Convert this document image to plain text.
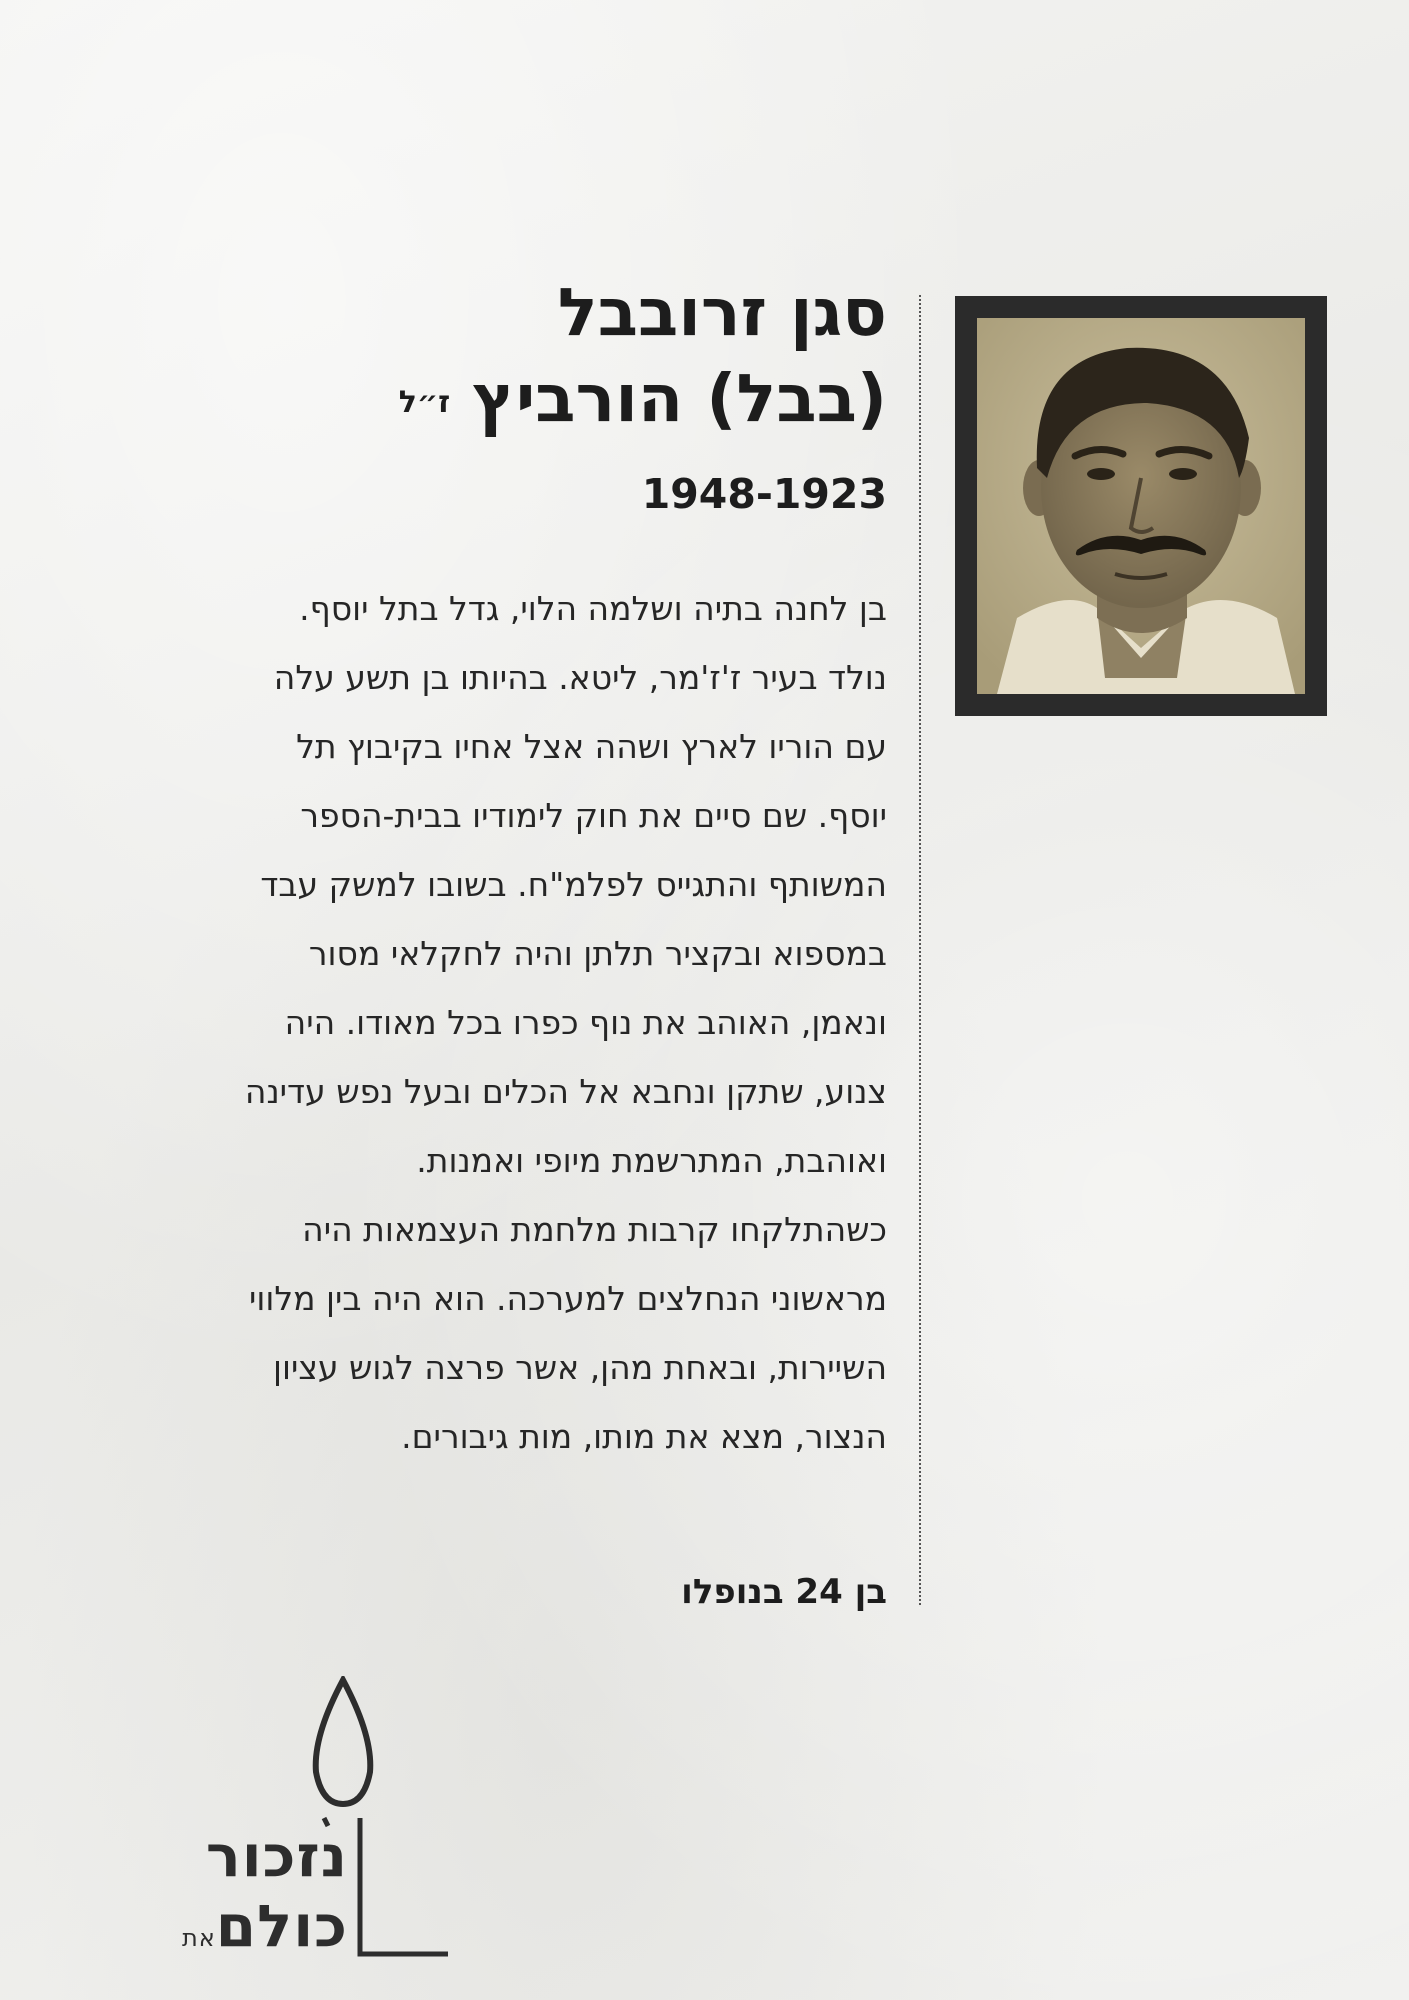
סגן זרובבל
(בבל) הורביץז״ל
1948-1923
בן לחנה בתיה ושלמה הלוי, גדל בתל יוסף.
נולד בעיר ז'ז'מר, ליטא. בהיותו בן תשע עלה
עם הוריו לארץ ושהה אצל אחיו בקיבוץ תל
יוסף. שם סיים את חוק לימודיו בבית-הספר
המשותף והתגייס לפלמ"ח. בשובו למשק עבד
במספוא ובקציר תלתן והיה לחקלאי מסור
ונאמן, האוהב את נוף כפרו בכל מאודו. היה
צנוע, שתקן ונחבא אל הכלים ובעל נפש עדינה
ואוהבת, המתרשמת מיופי ואמנות.
כשהתלקחו קרבות מלחמת העצמאות היה
מראשוני הנחלצים למערכה. הוא היה בין מלווי
השיירות, ובאחת מהן, אשר פרצה לגוש עציון
הנצור, מצא את מותו, מות גיבורים.
בן 24 בנופלו
נזכור
כולםאת
